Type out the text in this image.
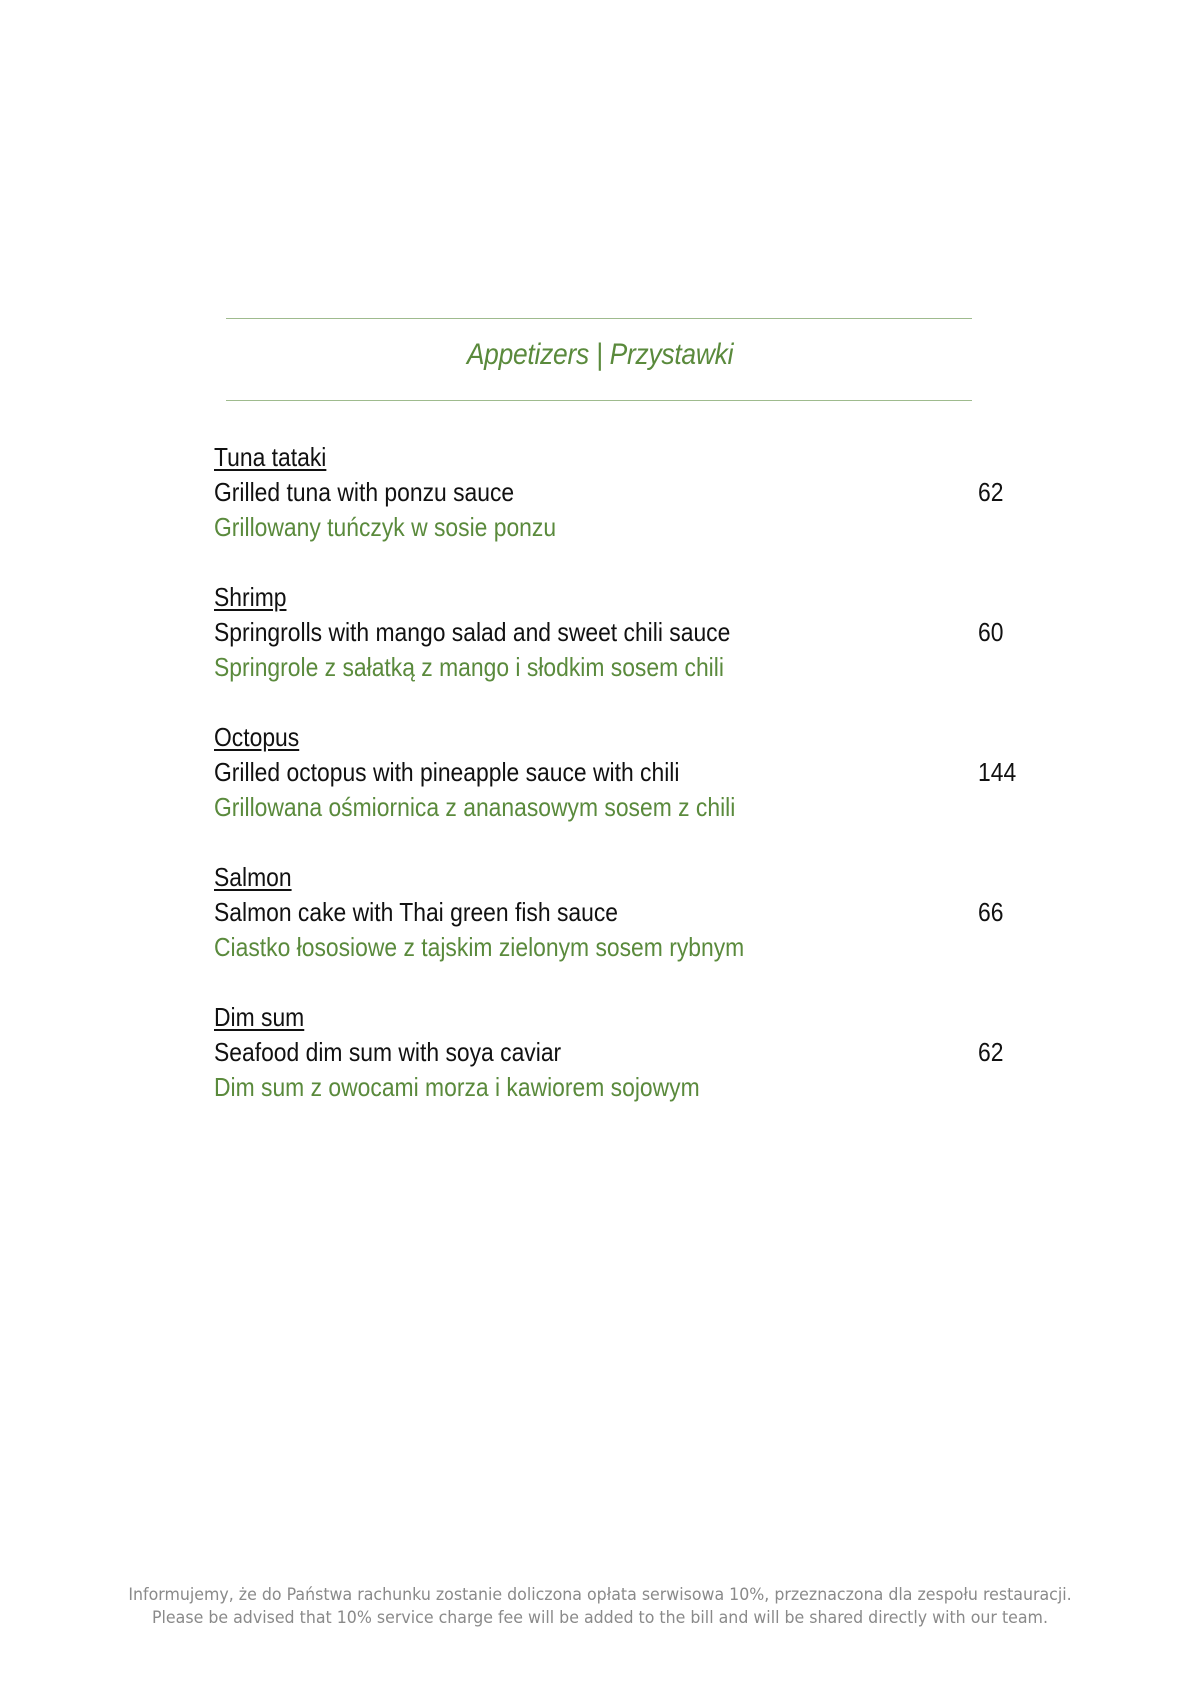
Appetizers | Przystawki
Tuna tataki
Grilled tuna with ponzu sauce
Grillowany tuńczyk w sosie ponzu
62
Shrimp
Springrolls with mango salad and sweet chili sauce
Springrole z sałatką z mango i słodkim sosem chili
60
Octopus
Grilled octopus with pineapple sauce with chili
Grillowana ośmiornica z ananasowym sosem z chili
144
Salmon
Salmon cake with Thai green fish sauce
Ciastko łososiowe z tajskim zielonym sosem rybnym
66
Dim sum
Seafood dim sum with soya caviar
Dim sum z owocami morza i kawiorem sojowym
62
Informujemy, że do Państwa rachunku zostanie doliczona opłata serwisowa 10%, przeznaczona dla zespołu restauracji.
Please be advised that 10% service charge fee will be added to the bill and will be shared directly with our team.
